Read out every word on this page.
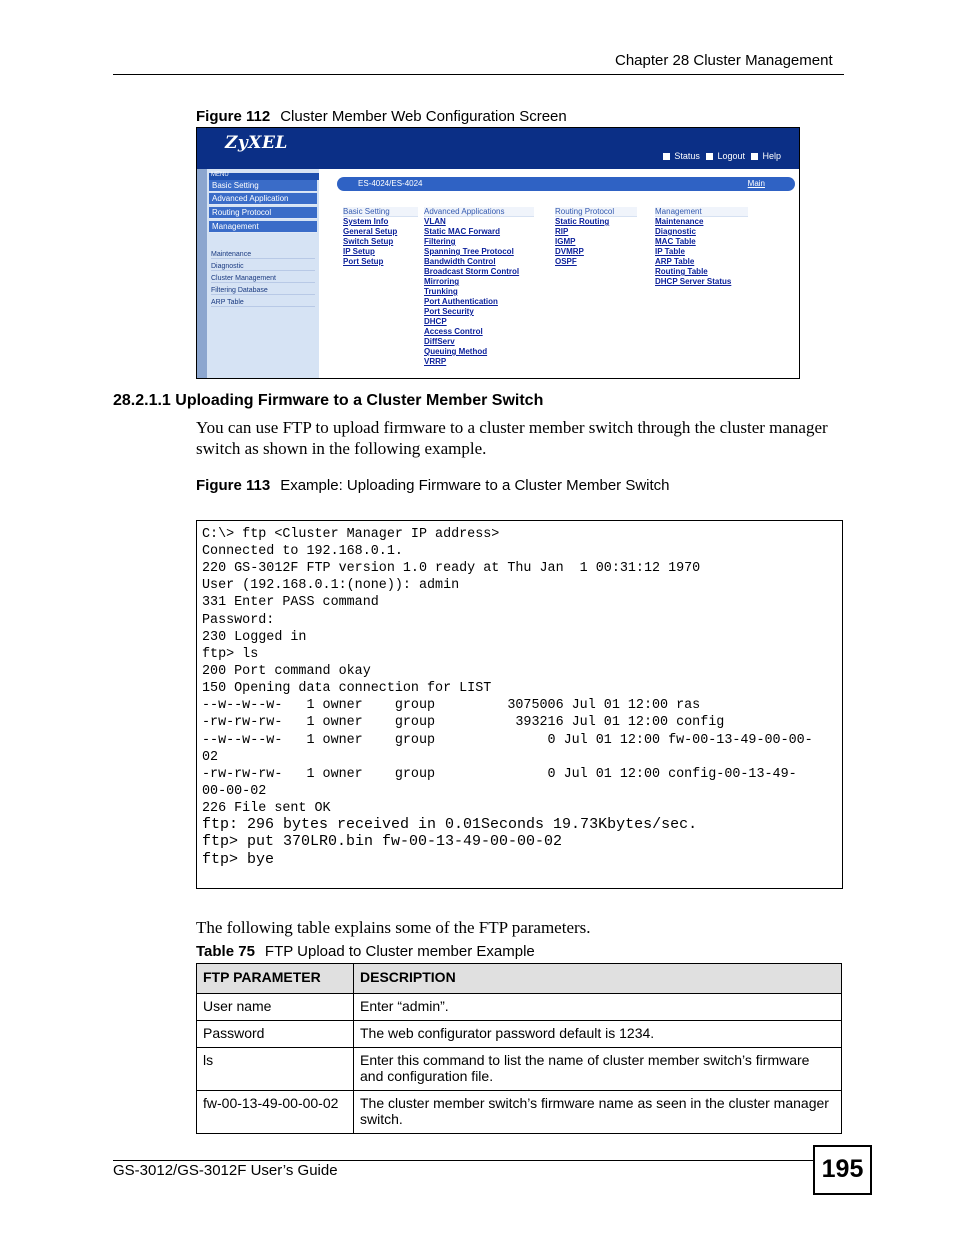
Chapter 28 Cluster Management
Figure 112 Cluster Member Web Configuration Screen
ZyXEL
Status Logout Help
MENU
Basic Setting
Advanced Application
Routing Protocol
Management
Maintenance
Diagnostic
Cluster Management
Filtering Database
ARP Table
ES-4024/ES-4024	Main
Basic Setting
System Info
General Setup
Switch Setup
IP Setup
Port Setup
Advanced Applications
VLAN
Static MAC Forward
Filtering
Spanning Tree Protocol
Bandwidth Control
Broadcast Storm Control
Mirroring
Trunking
Port Authentication
Port Security
DHCP
Access Control
DiffServ
Queuing Method
VRRP
Routing Protocol
Static Routing
RIP
IGMP
DVMRP
OSPF
Management
Maintenance
Diagnostic
MAC Table
IP Table
ARP Table
Routing Table
DHCP Server Status
28.2.1.1 Uploading Firmware to a Cluster Member Switch
You can use FTP to upload firmware to a cluster member switch through the cluster manager switch as shown in the following example.
Figure 113 Example: Uploading Firmware to a Cluster Member Switch
C:\> ftp <Cluster Manager IP address>
Connected to 192.168.0.1.
220 GS-3012F FTP version 1.0 ready at Thu Jan  1 00:31:12 1970
User (192.168.0.1:(none)): admin
331 Enter PASS command
Password:
230 Logged in
ftp> ls
200 Port command okay
150 Opening data connection for LIST
--w--w--w-   1 owner    group         3075006 Jul 01 12:00 ras
-rw-rw-rw-   1 owner    group          393216 Jul 01 12:00 config
--w--w--w-   1 owner    group              0 Jul 01 12:00 fw-00-13-49-00-00-
02
-rw-rw-rw-   1 owner    group              0 Jul 01 12:00 config-00-13-49-
00-00-02
226 File sent OK
ftp: 296 bytes received in 0.01Seconds 19.73Kbytes/sec.
ftp> put 370LR0.bin fw-00-13-49-00-00-02
ftp> bye
The following table explains some of the FTP parameters.
Table 75 FTP Upload to Cluster member Example
FTP PARAMETER	DESCRIPTION
User name	Enter “admin”.
Password	The web configurator password default is 1234.
ls	Enter this command to list the name of cluster member switch’s firmware and configuration file.
fw-00-13-49-00-00-02	The cluster member switch’s firmware name as seen in the cluster manager switch.
GS-3012/GS-3012F User’s Guide	195
